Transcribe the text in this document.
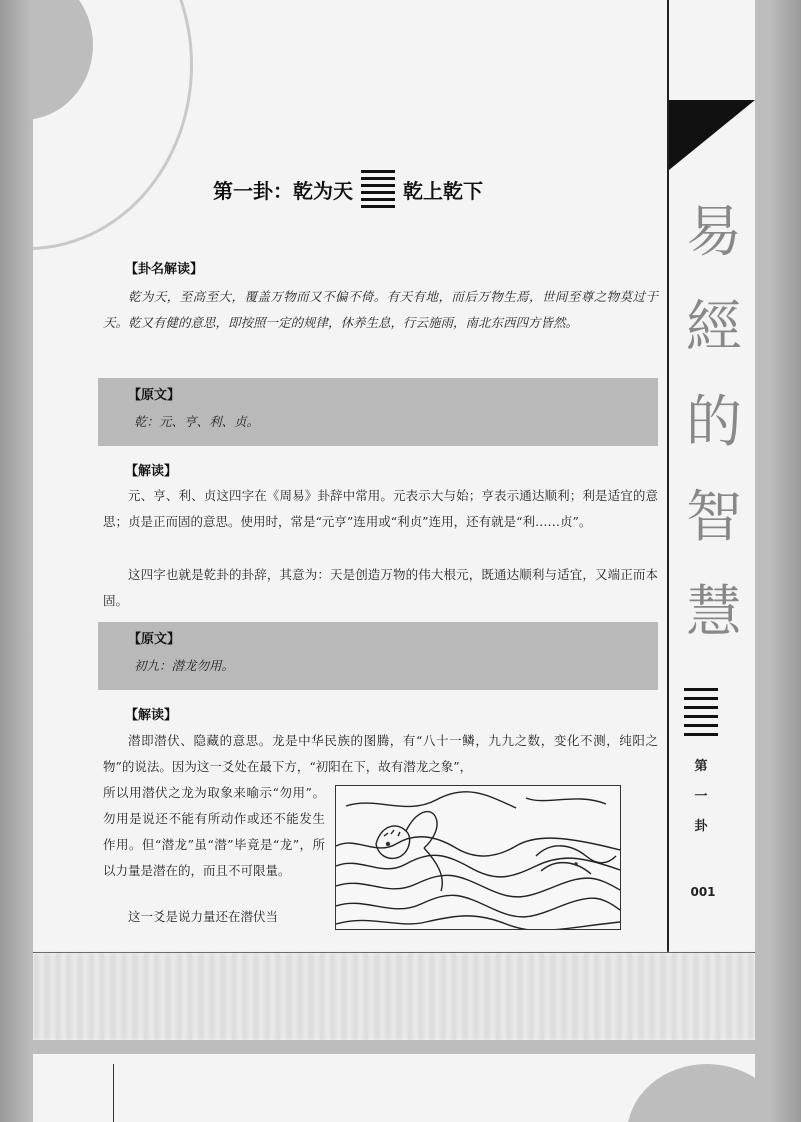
易
經
的
智
慧
第
一
卦
001
第一卦：乾为天	乾上乾下
【卦名解读】
乾为天，至高至大，覆盖万物而又不偏不倚。有天有地，而后万物生焉，世间至尊之物莫过于天。乾又有健的意思，即按照一定的规律，休养生息，行云施雨，南北东西四方皆然。
【原文】
乾：元、亨、利、贞。
【解读】
元、亨、利、贞这四字在《周易》卦辞中常用。元表示大与始；亨表示通达顺利；利是适宜的意思；贞是正而固的意思。使用时，常是“元亨”连用或“利贞”连用，还有就是“利……贞”。
这四字也就是乾卦的卦辞，其意为：天是创造万物的伟大根元，既通达顺利与适宜，又端正而本固。
【原文】
初九：潜龙勿用。
【解读】
潜即潜伏、隐藏的意思。龙是中华民族的图腾，有“八十一鳞，九九之数，变化不测，纯阳之物”的说法。因为这一爻处在最下方，“初阳在下，故有潜龙之象”，
所以用潜伏之龙为取象来喻示“勿用”。勿用是说还不能有所动作或还不能发生作用。但“潜龙”虽“潜”毕竟是“龙”，所以力量是潜在的，而且不可限量。
这一爻是说力量还在潜伏当
